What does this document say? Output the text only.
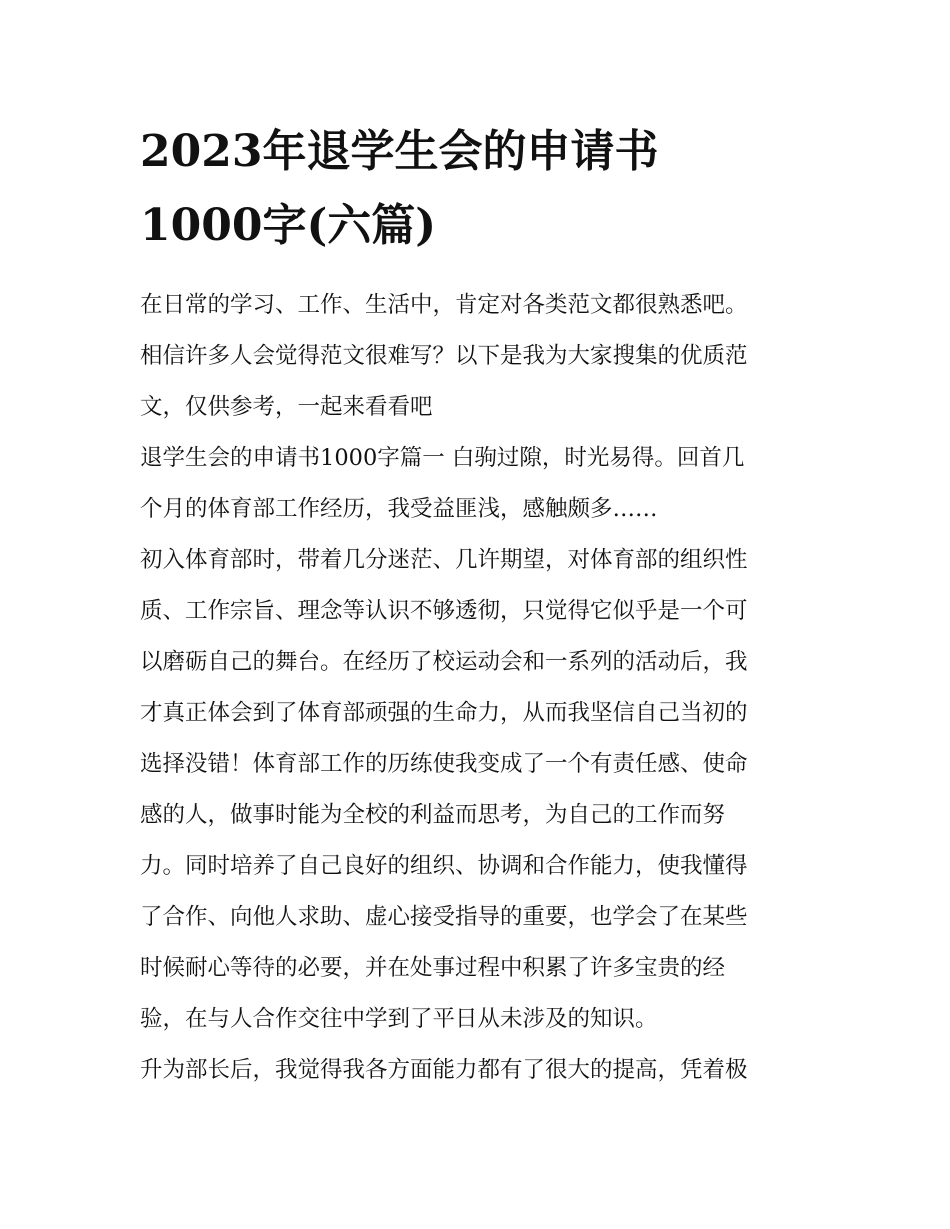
2023年退学生会的申请书
1000字(六篇)

在日常的学习、工作、生活中，肯定对各类范文都很熟悉吧。
相信许多人会觉得范文很难写？以下是我为大家搜集的优质范
文，仅供参考，一起来看看吧

退学生会的申请书1000字篇一 白驹过隙，时光易得。回首几
个月的体育部工作经历，我受益匪浅，感触颇多……

初入体育部时，带着几分迷茫、几许期望，对体育部的组织性
质、工作宗旨、理念等认识不够透彻，只觉得它似乎是一个可
以磨砺自己的舞台。在经历了校运动会和一系列的活动后，我
才真正体会到了体育部顽强的生命力，从而我坚信自己当初的
选择没错！体育部工作的历练使我变成了一个有责任感、使命
感的人，做事时能为全校的利益而思考，为自己的工作而努
力。同时培养了自己良好的组织、协调和合作能力，使我懂得
了合作、向他人求助、虚心接受指导的重要，也学会了在某些
时候耐心等待的必要，并在处事过程中积累了许多宝贵的经
验，在与人合作交往中学到了平日从未涉及的知识。

升为部长后，我觉得我各方面能力都有了很大的提高，凭着极
